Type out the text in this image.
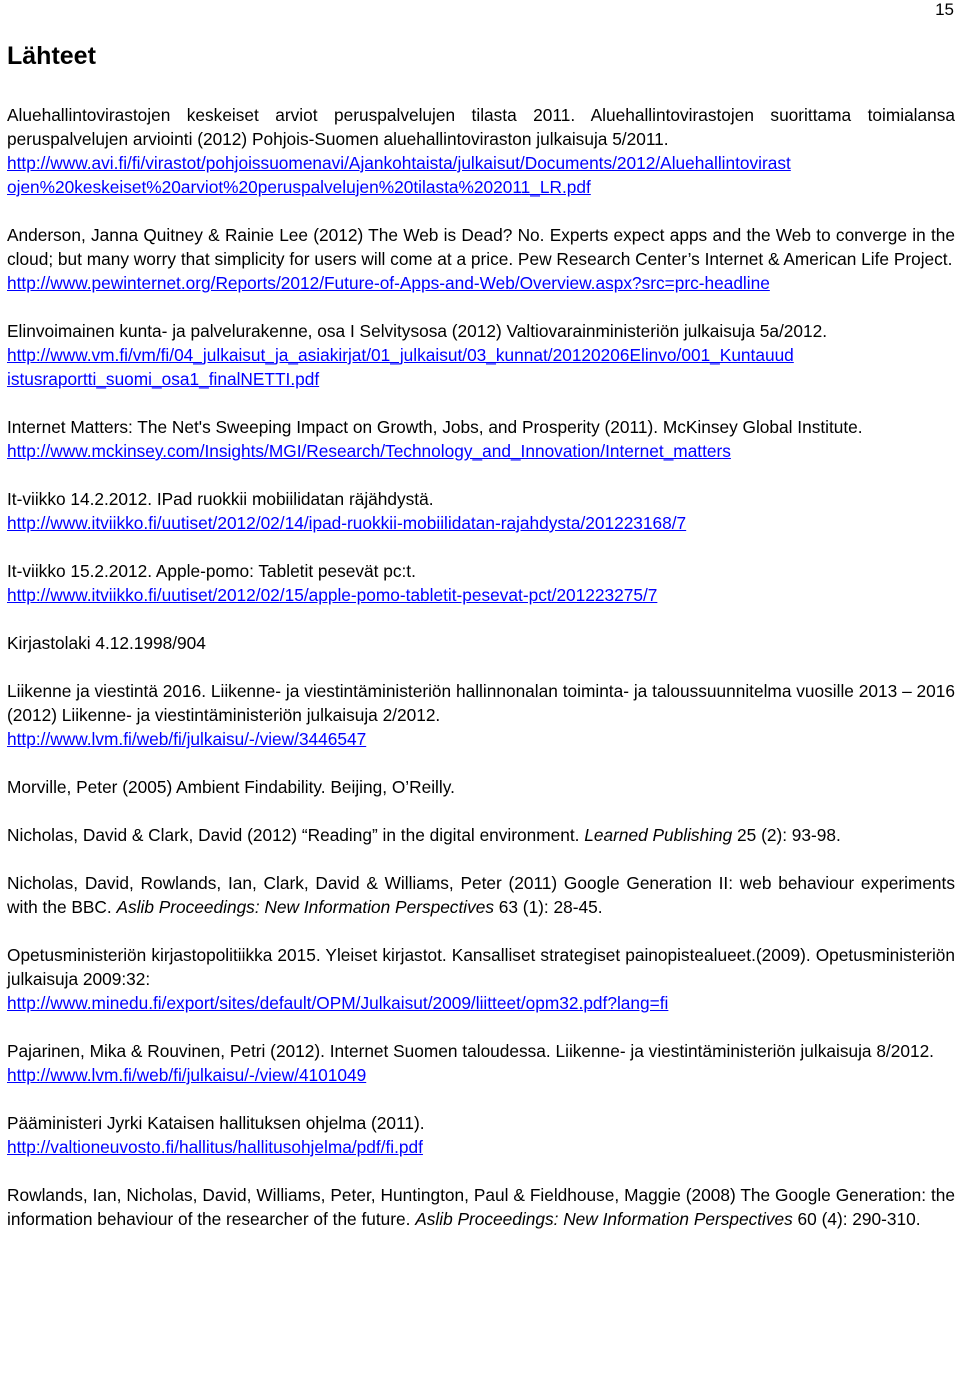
15
Lähteet
Aluehallintovirastojen keskeiset arviot peruspalvelujen tilasta 2011. Aluehallintovirastojen suorittama toimialansa peruspalvelujen arviointi (2012) Pohjois-Suomen aluehallintoviraston julkaisuja 5/2011.
http://www.avi.fi/fi/virastot/pohjoissuomenavi/Ajankohtaista/julkaisut/Documents/2012/Aluehallintovirast
ojen%20keskeiset%20arviot%20peruspalvelujen%20tilasta%202011_LR.pdf
Anderson, Janna Quitney & Rainie Lee (2012) The Web is Dead? No. Experts expect apps and the Web to converge in the cloud; but many worry that simplicity for users will come at a price. Pew Research Center’s Internet & American Life Project.
http://www.pewinternet.org/Reports/2012/Future-of-Apps-and-Web/Overview.aspx?src=prc-headline
Elinvoimainen kunta- ja palvelurakenne, osa I Selvitysosa (2012) Valtiovarainministeriön julkaisuja 5a/2012.
http://www.vm.fi/vm/fi/04_julkaisut_ja_asiakirjat/01_julkaisut/03_kunnat/20120206Elinvo/001_Kuntauud
istusraportti_suomi_osa1_finalNETTI.pdf
Internet Matters: The Net's Sweeping Impact on Growth, Jobs, and Prosperity (2011). McKinsey Global Institute.
http://www.mckinsey.com/Insights/MGI/Research/Technology_and_Innovation/Internet_matters
It-viikko 14.2.2012. IPad ruokkii mobiilidatan räjähdystä.
http://www.itviikko.fi/uutiset/2012/02/14/ipad-ruokkii-mobiilidatan-rajahdysta/201223168/7
It-viikko 15.2.2012. Apple-pomo: Tabletit pesevät pc:t.
http://www.itviikko.fi/uutiset/2012/02/15/apple-pomo-tabletit-pesevat-pct/201223275/7
Kirjastolaki 4.12.1998/904
Liikenne ja viestintä 2016. Liikenne- ja viestintäministeriön hallinnonalan toiminta- ja taloussuunnitelma vuosille 2013 – 2016 (2012) Liikenne- ja viestintäministeriön julkaisuja 2/2012.
http://www.lvm.fi/web/fi/julkaisu/-/view/3446547
Morville, Peter (2005) Ambient Findability. Beijing, O’Reilly.
Nicholas, David & Clark, David (2012) “Reading” in the digital environment. Learned Publishing 25 (2): 93-98.
Nicholas, David, Rowlands, Ian, Clark, David & Williams, Peter (2011) Google Generation II: web behaviour experiments with the BBC. Aslib Proceedings: New Information Perspectives 63 (1): 28-45.
Opetusministeriön kirjastopolitiikka 2015. Yleiset kirjastot. Kansalliset strategiset painopistealueet.(2009). Opetusministeriön julkaisuja 2009:32:
http://www.minedu.fi/export/sites/default/OPM/Julkaisut/2009/liitteet/opm32.pdf?lang=fi
Pajarinen, Mika & Rouvinen, Petri (2012). Internet Suomen taloudessa. Liikenne- ja viestintäministeriön julkaisuja 8/2012.
http://www.lvm.fi/web/fi/julkaisu/-/view/4101049
Pääministeri Jyrki Kataisen hallituksen ohjelma (2011).
http://valtioneuvosto.fi/hallitus/hallitusohjelma/pdf/fi.pdf
Rowlands, Ian, Nicholas, David, Williams, Peter, Huntington, Paul & Fieldhouse, Maggie (2008) The Google Generation: the information behaviour of the researcher of the future. Aslib Proceedings: New Information Perspectives 60 (4): 290-310.
